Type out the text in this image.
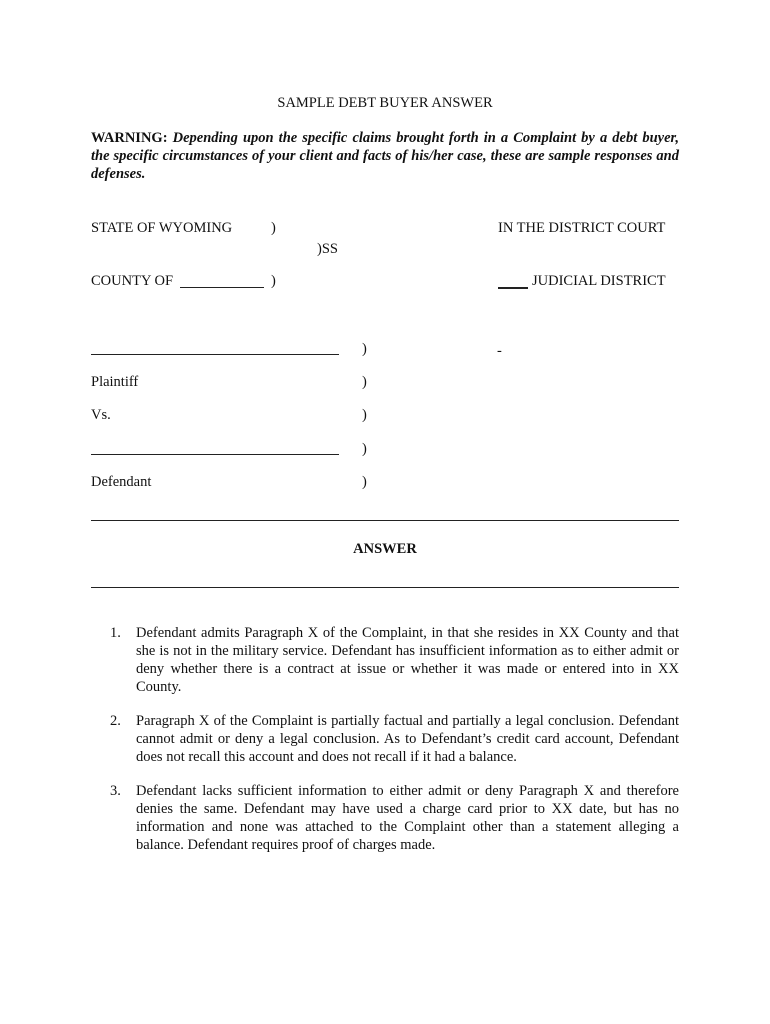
SAMPLE DEBT BUYER ANSWER
WARNING: Depending upon the specific claims brought forth in a Complaint by a debt buyer, the specific circumstances of your client and facts of his/her case, these are sample responses and defenses.
STATE OF WYOMING	)
)SS
IN THE DISTRICT COURT
COUNTY OF	)	JUDICIAL DISTRICT
)	-
Plaintiff	)
Vs.	)
)
Defendant	)
ANSWER
1.	Defendant admits Paragraph X of the Complaint, in that she resides in XX County and that she is not in the military service. Defendant has insufficient information as to either admit or deny whether there is a contract at issue or whether it was made or entered into in XX County.
2.	Paragraph X of the Complaint is partially factual and partially a legal conclusion. Defendant cannot admit or deny a legal conclusion. As to Defendant’s credit card account, Defendant does not recall this account and does not recall if it had a balance.
3.	Defendant lacks sufficient information to either admit or deny Paragraph X and therefore denies the same. Defendant may have used a charge card prior to XX date, but has no information and none was attached to the Complaint other than a statement alleging a balance. Defendant requires proof of charges made.
